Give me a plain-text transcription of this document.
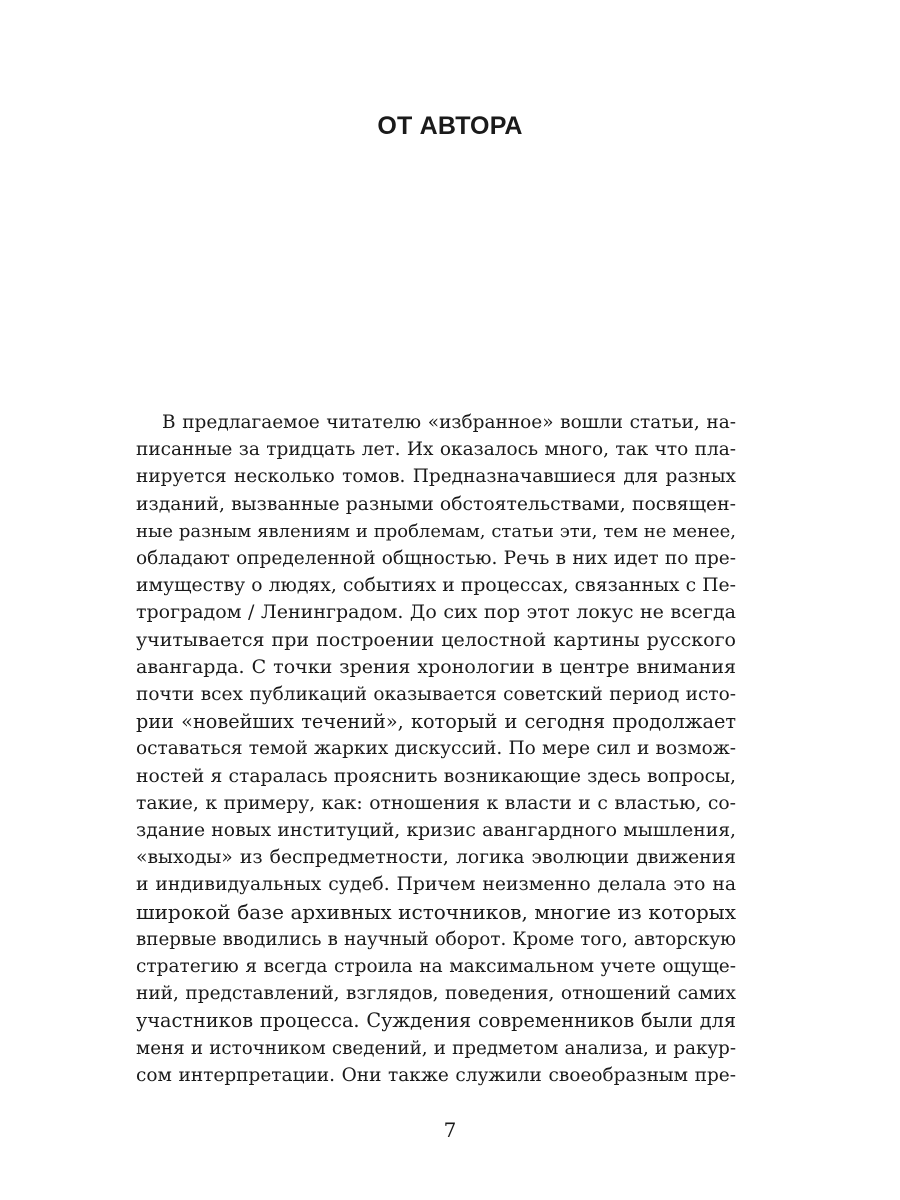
ОТ АВТОРА
В предлагаемое читателю «избранное» вошли статьи, на-
писанные за тридцать лет. Их оказалось много, так что пла-
нируется несколько томов. Предназначавшиеся для разных
изданий, вызванные разными обстоятельствами, посвящен-
ные разным явлениям и проблемам, статьи эти, тем не менее,
обладают определенной общностью. Речь в них идет по пре-
имуществу о людях, событиях и процессах, связанных с Пе-
троградом / Ленинградом. До сих пор этот локус не всегда
учитывается при построении целостной картины русского
авангарда. С точки зрения хронологии в центре внимания
почти всех публикаций оказывается советский период исто-
рии «новейших течений», который и сегодня продолжает
оставаться темой жарких дискуссий. По мере сил и возмож-
ностей я старалась прояснить возникающие здесь вопросы,
такие, к примеру, как: отношения к власти и с властью, со-
здание новых институций, кризис авангардного мышления,
«выходы» из беспредметности, логика эволюции движения
и индивидуальных судеб. Причем неизменно делала это на
широкой базе архивных источников, многие из которых
впервые вводились в научный оборот. Кроме того, авторскую
стратегию я всегда строила на максимальном учете ощуще-
ний, представлений, взглядов, поведения, отношений самих
участников процесса. Суждения современников были для
меня и источником сведений, и предметом анализа, и ракур-
сом интерпретации. Они также служили своеобразным пре-
7
